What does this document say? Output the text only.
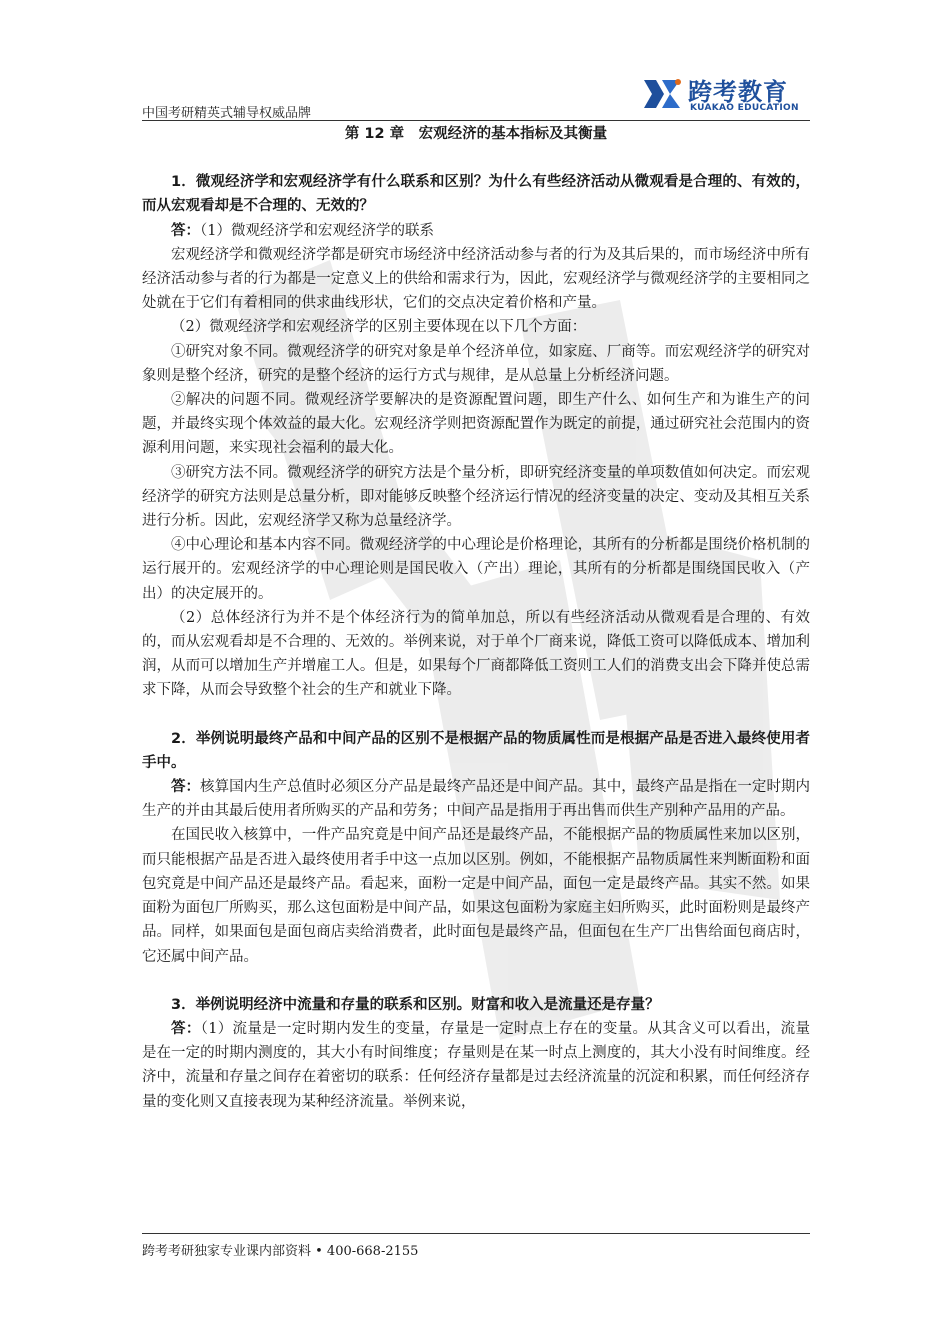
中国考研精英式辅导权威品牌
跨考教育
KUAKAO EDUCATION
第 12 章　宏观经济的基本指标及其衡量

1．微观经济学和宏观经济学有什么联系和区别？为什么有些经济活动从微观看是合理的、有效的，而从宏观看却是不合理的、无效的？

答：（1）微观经济学和宏观经济学的联系

宏观经济学和微观经济学都是研究市场经济中经济活动参与者的行为及其后果的，而市场经济中所有经济活动参与者的行为都是一定意义上的供给和需求行为，因此，宏观经济学与微观经济学的主要相同之处就在于它们有着相同的供求曲线形状，它们的交点决定着价格和产量。

（2）微观经济学和宏观经济学的区别主要体现在以下几个方面：

①研究对象不同。微观经济学的研究对象是单个经济单位，如家庭、厂商等。而宏观经济学的研究对象则是整个经济，研究的是整个经济的运行方式与规律，是从总量上分析经济问题。

②解决的问题不同。微观经济学要解决的是资源配置问题，即生产什么、如何生产和为谁生产的问题，并最终实现个体效益的最大化。宏观经济学则把资源配置作为既定的前提，通过研究社会范围内的资源利用问题，来实现社会福利的最大化。

③研究方法不同。微观经济学的研究方法是个量分析，即研究经济变量的单项数值如何决定。而宏观经济学的研究方法则是总量分析，即对能够反映整个经济运行情况的经济变量的决定、变动及其相互关系进行分析。因此，宏观经济学又称为总量经济学。

④中心理论和基本内容不同。微观经济学的中心理论是价格理论，其所有的分析都是围绕价格机制的运行展开的。宏观经济学的中心理论则是国民收入（产出）理论，其所有的分析都是围绕国民收入（产出）的决定展开的。

（2）总体经济行为并不是个体经济行为的简单加总，所以有些经济活动从微观看是合理的、有效的，而从宏观看却是不合理的、无效的。举例来说，对于单个厂商来说，降低工资可以降低成本、增加利润，从而可以增加生产并增雇工人。但是，如果每个厂商都降低工资则工人们的消费支出会下降并使总需求下降，从而会导致整个社会的生产和就业下降。

2．举例说明最终产品和中间产品的区别不是根据产品的物质属性而是根据产品是否进入最终使用者手中。

答：核算国内生产总值时必须区分产品是最终产品还是中间产品。其中，最终产品是指在一定时期内生产的并由其最后使用者所购买的产品和劳务；中间产品是指用于再出售而供生产别种产品用的产品。

在国民收入核算中，一件产品究竟是中间产品还是最终产品，不能根据产品的物质属性来加以区别，而只能根据产品是否进入最终使用者手中这一点加以区别。例如，不能根据产品物质属性来判断面粉和面包究竟是中间产品还是最终产品。看起来，面粉一定是中间产品，面包一定是最终产品。其实不然。如果面粉为面包厂所购买，那么这包面粉是中间产品，如果这包面粉为家庭主妇所购买，此时面粉则是最终产品。同样，如果面包是面包商店卖给消费者，此时面包是最终产品，但面包在生产厂出售给面包商店时，它还属中间产品。

3．举例说明经济中流量和存量的联系和区别。财富和收入是流量还是存量？

答：（1）流量是一定时期内发生的变量，存量是一定时点上存在的变量。从其含义可以看出，流量是在一定的时期内测度的，其大小有时间维度；存量则是在某一时点上测度的，其大小没有时间维度。经济中，流量和存量之间存在着密切的联系：任何经济存量都是过去经济流量的沉淀和积累，而任何经济存量的变化则又直接表现为某种经济流量。举例来说，

跨考考研独家专业课内部资料 • 400-668-2155
